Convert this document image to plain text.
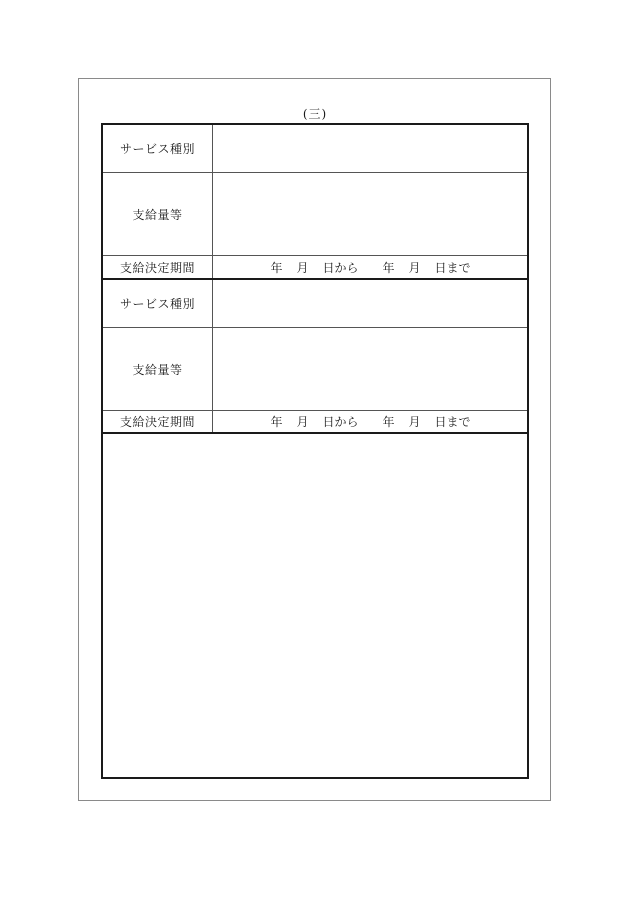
(三)
サービス種別
支給量等
支給決定期間	年 月 日から 年 月 日まで
サービス種別
支給量等
支給決定期間	年 月 日から 年 月 日まで
